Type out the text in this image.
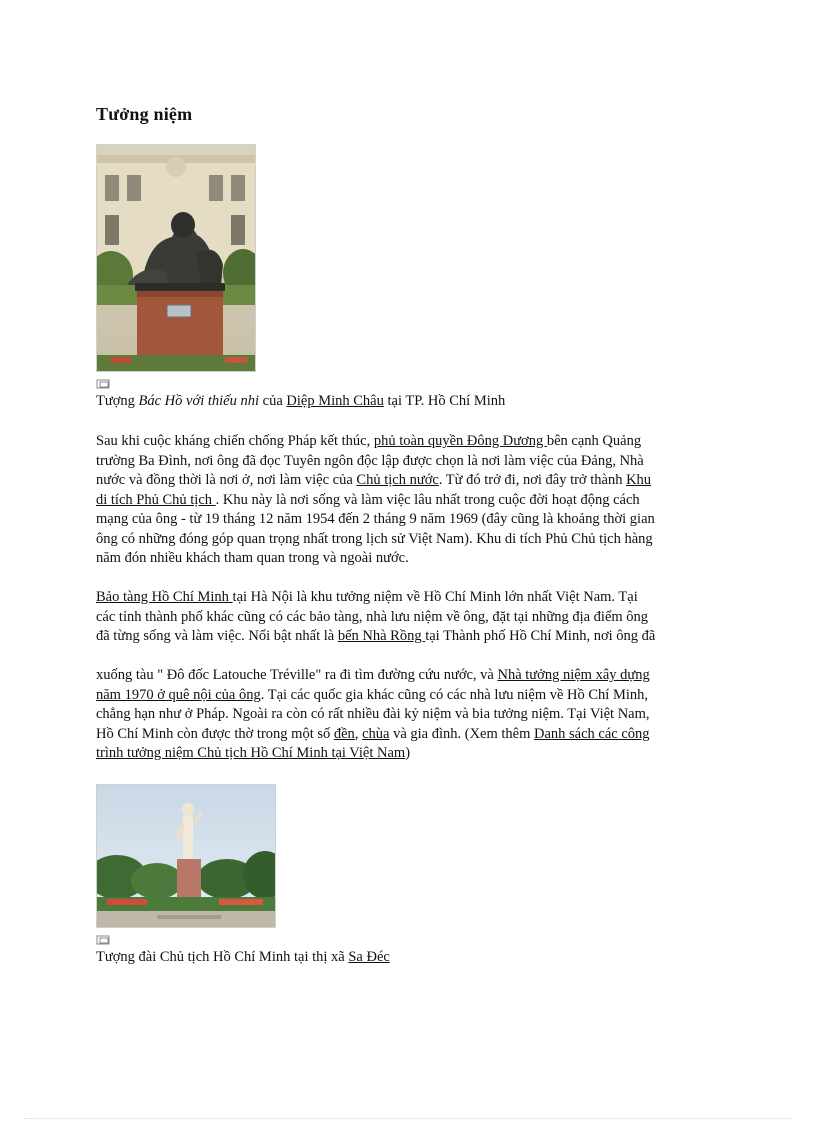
Tưởng niệm
Tượng Bác Hồ với thiếu nhi của Diệp Minh Châu tại TP. Hồ Chí Minh
Sau khi cuộc kháng chiến chống Pháp kết thúc, phủ toàn quyền Đông Dương bên cạnh Quảng
trường Ba Đình, nơi ông đã đọc Tuyên ngôn độc lập được chọn là nơi làm việc của Đảng, Nhà
nước và đồng thời là nơi ở, nơi làm việc của Chủ tịch nước. Từ đó trở đi, nơi đây trở thành Khu
di tích Phủ Chủ tịch . Khu này là nơi sống và làm việc lâu nhất trong cuộc đời hoạt động cách
mạng của ông - từ 19 tháng 12 năm 1954 đến 2 tháng 9 năm 1969 (đây cũng là khoảng thời gian
ông có những đóng góp quan trọng nhất trong lịch sử Việt Nam). Khu di tích Phủ Chủ tịch hàng
năm đón nhiều khách tham quan trong và ngoài nước.
Bảo tàng Hồ Chí Minh tại Hà Nội là khu tưởng niệm về Hồ Chí Minh lớn nhất Việt Nam. Tại
các tỉnh thành phố khác cũng có các bảo tàng, nhà lưu niệm về ông, đặt tại những địa điểm ông
đã từng sống và làm việc. Nổi bật nhất là bến Nhà Rồng tại Thành phố Hồ Chí Minh, nơi ông đã
xuống tàu " Đô đốc Latouche Tréville" ra đi tìm đường cứu nước, và Nhà tưởng niệm xây dựng
năm 1970 ở quê nội của ông. Tại các quốc gia khác cũng có các nhà lưu niệm về Hồ Chí Minh,
chẳng hạn như ở Pháp. Ngoài ra còn có rất nhiều đài kỷ niệm và bia tưởng niệm. Tại Việt Nam,
Hồ Chí Minh còn được thờ trong một số đền, chùa và gia đình. (Xem thêm Danh sách các công
trình tưởng niệm Chủ tịch Hồ Chí Minh tại Việt Nam)
Tượng đài Chủ tịch Hồ Chí Minh tại thị xã Sa Đéc
